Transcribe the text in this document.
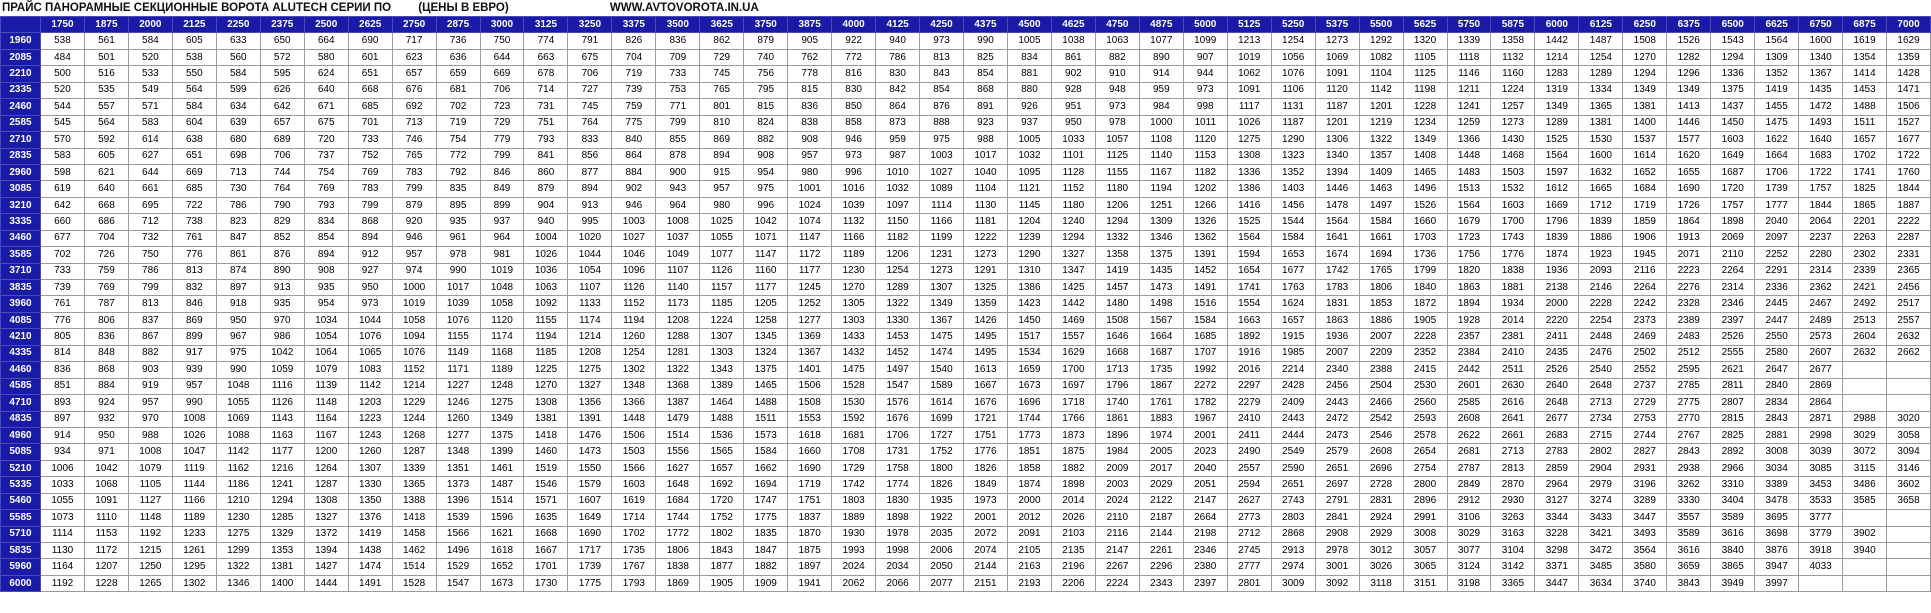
ПРАЙС ПАНОРАМНЫЕ СЕКЦИОННЫЕ ВОРОТА ALUTECH СЕРИИ ПО (ЦЕНЫ В ЕВРО)	WWW.AVTOVOROTA.IN.UA
	1750	1875	2000	2125	2250	2375	2500	2625	2750	2875	3000	3125	3250	3375	3500	3625	3750	3875	4000	4125	4250	4375	4500	4625	4750	4875	5000	5125	5250	5375	5500	5625	5750	5875	6000	6125	6250	6375	6500	6625	6750	6875	7000
1960	538	561	584	605	633	650	664	690	717	736	750	774	791	826	836	862	879	905	922	940	973	990	1005	1038	1063	1077	1099	1213	1254	1273	1292	1320	1339	1358	1442	1487	1508	1526	1543	1564	1600	1619	1629
2085	484	501	520	538	560	572	580	601	623	636	644	663	675	704	709	729	740	762	772	786	813	825	834	861	882	890	907	1019	1056	1069	1082	1105	1118	1132	1214	1254	1270	1282	1294	1309	1340	1354	1359
2210	500	516	533	550	584	595	624	651	657	659	669	678	706	719	733	745	756	778	816	830	843	854	881	902	910	914	944	1062	1076	1091	1104	1125	1146	1160	1283	1289	1294	1296	1336	1352	1367	1414	1428
2335	520	535	549	564	599	626	640	668	676	681	706	714	727	739	753	765	795	815	830	842	854	868	880	928	948	959	973	1091	1106	1120	1142	1198	1211	1224	1319	1334	1349	1349	1375	1419	1435	1453	1471
2460	544	557	571	584	634	642	671	685	692	702	723	731	745	759	771	801	815	836	850	864	876	891	926	951	973	984	998	1117	1131	1187	1201	1228	1241	1257	1349	1365	1381	1413	1437	1455	1472	1488	1506
2585	545	564	583	604	639	657	675	701	713	719	729	751	764	775	799	810	824	838	858	873	888	923	937	950	978	1000	1011	1026	1187	1201	1219	1234	1259	1273	1289	1381	1400	1446	1450	1475	1493	1511	1527
2710	570	592	614	638	680	689	720	733	746	754	779	793	833	840	855	869	882	908	946	959	975	988	1005	1033	1057	1108	1120	1275	1290	1306	1322	1349	1366	1430	1525	1530	1537	1577	1603	1622	1640	1657	1677
2835	583	605	627	651	698	706	737	752	765	772	799	841	856	864	878	894	908	957	973	987	1003	1017	1032	1101	1125	1140	1153	1308	1323	1340	1357	1408	1448	1468	1564	1600	1614	1620	1649	1664	1683	1702	1722
2960	598	621	644	669	713	744	754	769	783	792	846	860	877	884	900	915	954	980	996	1010	1027	1040	1095	1128	1155	1167	1182	1336	1352	1394	1409	1465	1483	1503	1597	1632	1652	1655	1687	1706	1722	1741	1760
3085	619	640	661	685	730	764	769	783	799	835	849	879	894	902	943	957	975	1001	1016	1032	1089	1104	1121	1152	1180	1194	1202	1386	1403	1446	1463	1496	1513	1532	1612	1665	1684	1690	1720	1739	1757	1825	1844
3210	642	668	695	722	786	790	793	799	879	895	899	904	913	946	964	980	996	1024	1039	1097	1114	1130	1145	1180	1206	1251	1266	1416	1456	1478	1497	1526	1564	1603	1669	1712	1719	1726	1757	1777	1844	1865	1887
3335	660	686	712	738	823	829	834	868	920	935	937	940	995	1003	1008	1025	1042	1074	1132	1150	1166	1181	1204	1240	1294	1309	1326	1525	1544	1564	1584	1660	1679	1700	1796	1839	1859	1864	1898	2040	2064	2201	2222
3460	677	704	732	761	847	852	854	894	946	961	964	1004	1020	1027	1037	1055	1071	1147	1166	1182	1199	1222	1239	1294	1332	1346	1362	1564	1584	1641	1661	1703	1723	1743	1839	1886	1906	1913	2069	2097	2237	2263	2287
3585	702	726	750	776	861	876	894	912	957	978	981	1026	1044	1046	1049	1077	1147	1172	1189	1206	1231	1273	1290	1327	1358	1375	1391	1594	1653	1674	1694	1736	1756	1776	1874	1923	1945	2071	2110	2252	2280	2302	2331
3710	733	759	786	813	874	890	908	927	974	990	1019	1036	1054	1096	1107	1126	1160	1177	1230	1254	1273	1291	1310	1347	1419	1435	1452	1654	1677	1742	1765	1799	1820	1838	1936	2093	2116	2223	2264	2291	2314	2339	2365
3835	739	769	799	832	897	913	935	950	1000	1017	1048	1063	1107	1126	1140	1157	1177	1245	1270	1289	1307	1325	1386	1425	1457	1473	1491	1741	1763	1783	1806	1840	1863	1881	2138	2146	2264	2276	2314	2336	2362	2421	2456
3960	761	787	813	846	918	935	954	973	1019	1039	1058	1092	1133	1152	1173	1185	1205	1252	1305	1322	1349	1359	1423	1442	1480	1498	1516	1554	1624	1831	1853	1872	1894	1934	2000	2228	2242	2328	2346	2445	2467	2492	2517
4085	776	806	837	869	950	970	1034	1044	1058	1076	1120	1155	1174	1194	1208	1224	1258	1277	1303	1330	1367	1426	1450	1469	1508	1567	1584	1663	1657	1863	1886	1905	1928	2014	2220	2254	2373	2389	2397	2447	2489	2513	2557
4210	805	836	867	899	967	986	1054	1076	1094	1155	1174	1194	1214	1260	1288	1307	1345	1369	1433	1453	1475	1495	1517	1557	1646	1664	1685	1892	1915	1936	2007	2228	2357	2381	2411	2448	2469	2483	2526	2550	2573	2604	2632
4335	814	848	882	917	975	1042	1064	1065	1076	1149	1168	1185	1208	1254	1281	1303	1324	1367	1432	1452	1474	1495	1534	1629	1668	1687	1707	1916	1985	2007	2209	2352	2384	2410	2435	2476	2502	2512	2555	2580	2607	2632	2662
4460	836	868	903	939	990	1059	1079	1083	1152	1171	1189	1225	1275	1302	1322	1343	1375	1401	1475	1497	1540	1613	1659	1700	1713	1735	1992	2016	2214	2340	2388	2415	2442	2511	2526	2540	2552	2595	2621	2647	2677		
4585	851	884	919	957	1048	1116	1139	1142	1214	1227	1248	1270	1327	1348	1368	1389	1465	1506	1528	1547	1589	1667	1673	1697	1796	1867	2272	2297	2428	2456	2504	2530	2601	2630	2640	2648	2737	2785	2811	2840	2869		
4710	893	924	957	990	1055	1126	1148	1203	1229	1246	1275	1308	1356	1366	1387	1464	1488	1508	1530	1576	1614	1676	1696	1718	1740	1761	1782	2279	2409	2443	2466	2560	2585	2616	2648	2713	2729	2775	2807	2834	2864		
4835	897	932	970	1008	1069	1143	1164	1223	1244	1260	1349	1381	1391	1448	1479	1488	1511	1553	1592	1676	1699	1721	1744	1766	1861	1883	1967	2410	2443	2472	2542	2593	2608	2641	2677	2734	2753	2770	2815	2843	2871	2988	3020
4960	914	950	988	1026	1088	1163	1167	1243	1268	1277	1375	1418	1476	1506	1514	1536	1573	1618	1681	1706	1727	1751	1773	1873	1896	1974	2001	2411	2444	2473	2546	2578	2622	2661	2683	2715	2744	2767	2825	2881	2998	3029	3058
5085	934	971	1008	1047	1142	1177	1200	1260	1287	1348	1399	1460	1473	1503	1556	1565	1584	1660	1708	1731	1752	1776	1851	1875	1984	2005	2023	2490	2549	2579	2608	2654	2681	2713	2783	2802	2827	2843	2892	3008	3039	3072	3094
5210	1006	1042	1079	1119	1162	1216	1264	1307	1339	1351	1461	1519	1550	1566	1627	1657	1662	1690	1729	1758	1800	1826	1858	1882	2009	2017	2040	2557	2590	2651	2696	2754	2787	2813	2859	2904	2931	2938	2966	3034	3085	3115	3146
5335	1033	1068	1105	1144	1186	1241	1287	1330	1365	1373	1487	1546	1579	1603	1648	1692	1694	1719	1742	1774	1826	1849	1874	1898	2003	2029	2051	2594	2651	2697	2728	2800	2849	2870	2964	2979	3196	3262	3310	3389	3453	3486	3602
5460	1055	1091	1127	1166	1210	1294	1308	1350	1388	1396	1514	1571	1607	1619	1684	1720	1747	1751	1803	1830	1935	1973	2000	2014	2024	2122	2147	2627	2743	2791	2831	2896	2912	2930	3127	3274	3289	3330	3404	3478	3533	3585	3658
5585	1073	1110	1148	1189	1230	1285	1327	1376	1418	1539	1596	1635	1649	1714	1744	1752	1775	1837	1889	1898	1922	2001	2012	2026	2110	2187	2664	2773	2803	2841	2924	2991	3106	3263	3344	3433	3447	3557	3589	3695	3777		
5710	1114	1153	1192	1233	1275	1329	1372	1419	1458	1566	1621	1668	1690	1702	1772	1802	1835	1870	1930	1978	2035	2072	2091	2103	2116	2144	2198	2712	2868	2908	2929	3008	3029	3163	3228	3421	3493	3589	3616	3698	3779	3902	
5835	1130	1172	1215	1261	1299	1353	1394	1438	1462	1496	1618	1667	1717	1735	1806	1843	1847	1875	1993	1998	2006	2074	2105	2135	2147	2261	2346	2745	2913	2978	3012	3057	3077	3104	3298	3472	3564	3616	3840	3876	3918	3940	
5960	1164	1207	1250	1295	1322	1381	1427	1474	1514	1529	1652	1701	1739	1767	1838	1877	1882	1897	2024	2034	2050	2144	2163	2196	2267	2296	2380	2777	2974	3001	3026	3065	3124	3142	3371	3485	3580	3659	3865	3947	4033		
6000	1192	1228	1265	1302	1346	1400	1444	1491	1528	1547	1673	1730	1775	1793	1869	1905	1909	1941	2062	2066	2077	2151	2193	2206	2224	2343	2397	2801	3009	3092	3118	3151	3198	3365	3447	3634	3740	3843	3949	3997			
